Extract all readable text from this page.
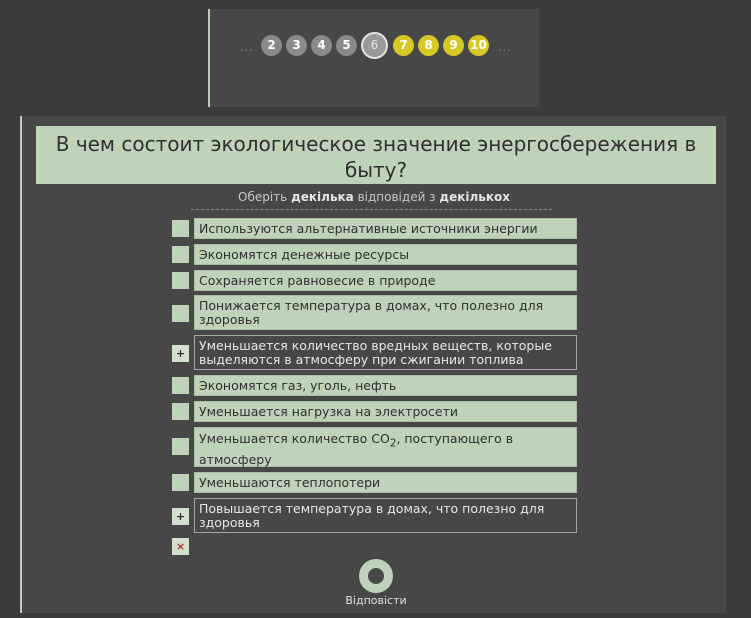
···	2	3	4	5	6	7	8	9	10 ···
В чем состоит экологическое значение энергосбережения в быту?
Оберіть декілька відповідей з декількох
Используются альтернативные источники энергии
Экономятся денежные ресурсы
Сохраняется равновесие в природе
Понижается температура в домах, что полезно для здоровья
+
Уменьшается количество вредных веществ, которые выделяются в атмосферу при сжигании топлива
Экономятся газ, уголь, нефть
Уменьшается нагрузка на электросети
Уменьшается количество $CO_2$, поступающего в атмосферу
Уменьшаются теплопотери
+
Повышается температура в домах, что полезно для здоровья
×
Відповісти
